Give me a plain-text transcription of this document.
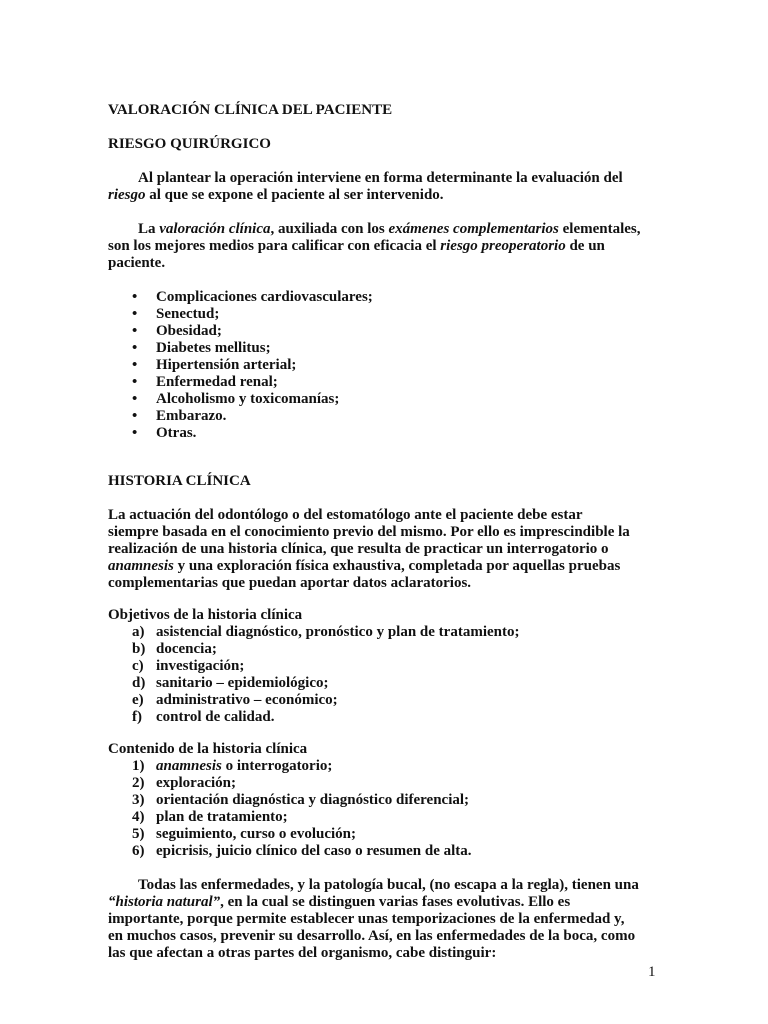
VALORACIÓN CLÍNICA DEL PACIENTE
RIESGO QUIRÚRGICO
Al plantear la operación interviene en forma determinante la evaluación del
riesgo al que se expone el paciente al ser intervenido.
La valoración clínica, auxiliada con los exámenes complementarios elementales,
son los mejores medios para calificar con eficacia el riesgo preoperatorio de un
paciente.
• Complicaciones cardiovasculares;
• Senectud;
• Obesidad;
• Diabetes mellitus;
• Hipertensión arterial;
• Enfermedad renal;
• Alcoholismo y toxicomanías;
• Embarazo.
• Otras.
HISTORIA CLÍNICA
La actuación del odontólogo o del estomatólogo ante el paciente debe estar
siempre basada en el conocimiento previo del mismo. Por ello es imprescindible la
realización de una historia clínica, que resulta de practicar un interrogatorio o
anamnesis y una exploración física exhaustiva, completada por aquellas pruebas
complementarias que puedan aportar datos aclaratorios.
Objetivos de la historia clínica
a) asistencial diagnóstico, pronóstico y plan de tratamiento;
b) docencia;
c) investigación;
d) sanitario – epidemiológico;
e) administrativo – económico;
f) control de calidad.
Contenido de la historia clínica
1) anamnesis o interrogatorio;
2) exploración;
3) orientación diagnóstica y diagnóstico diferencial;
4) plan de tratamiento;
5) seguimiento, curso o evolución;
6) epicrisis, juicio clínico del caso o resumen de alta.
Todas las enfermedades, y la patología bucal, (no escapa a la regla), tienen una
“historia natural”, en la cual se distinguen varias fases evolutivas. Ello es
importante, porque permite establecer unas temporizaciones de la enfermedad y,
en muchos casos, prevenir su desarrollo. Así, en las enfermedades de la boca, como
las que afectan a otras partes del organismo, cabe distinguir:
1
